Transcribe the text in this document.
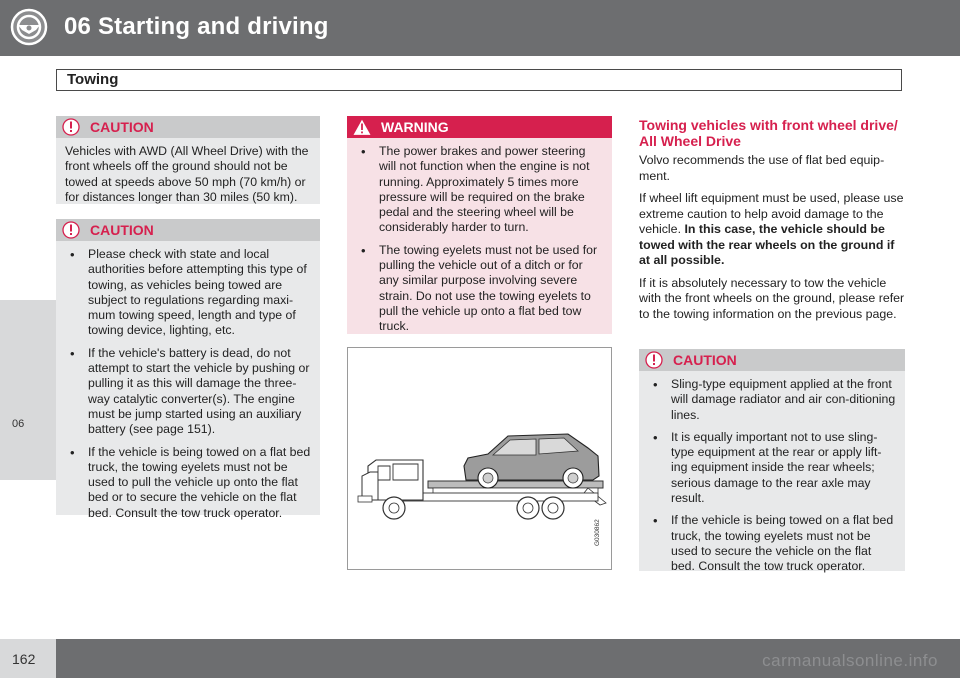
06 Starting and driving
Towing
06
CAUTION

Vehicles with AWD (All Wheel Drive) with the front wheels off the ground should not be towed at speeds above 50 mph (70 km/h) or for distances longer than 30 miles (50 km).

CAUTION
• Please check with state and local authorities before attempting this type of towing, as vehicles being towed are subject to regulations regarding maxi-mum towing speed, length and type of towing device, lighting, etc.
• If the vehicle's battery is dead, do not attempt to start the vehicle by pushing or pulling it as this will damage the three-way catalytic converter(s). The engine must be jump started using an auxiliary battery (see page 151).
• If the vehicle is being towed on a flat bed truck, the towing eyelets must not be used to pull the vehicle up onto the flat bed or to secure the vehicle on the flat bed. Consult the tow truck operator.
WARNING
• The power brakes and power steering will not function when the engine is not running. Approximately 5 times more pressure will be required on the brake pedal and the steering wheel will be considerably harder to turn.
• The towing eyelets must not be used for pulling the vehicle out of a ditch or for any similar purpose involving severe strain. Do not use the towing eyelets to pull the vehicle up onto a flat bed tow truck.
G030862
Towing vehicles with front wheel drive/ All Wheel Drive

Volvo recommends the use of flat bed equip-ment.

If wheel lift equipment must be used, please use extreme caution to help avoid damage to the vehicle. In this case, the vehicle should be towed with the rear wheels on the ground if at all possible.

If it is absolutely necessary to tow the vehicle with the front wheels on the ground, please refer to the towing information on the previous page.

CAUTION
• Sling-type equipment applied at the front will damage radiator and air con-ditioning lines.
• It is equally important not to use sling-type equipment at the rear or apply lift-ing equipment inside the rear wheels; serious damage to the rear axle may result.
• If the vehicle is being towed on a flat bed truck, the towing eyelets must not be used to secure the vehicle on the flat bed. Consult the tow truck operator.
162	carmanualsonline.info
